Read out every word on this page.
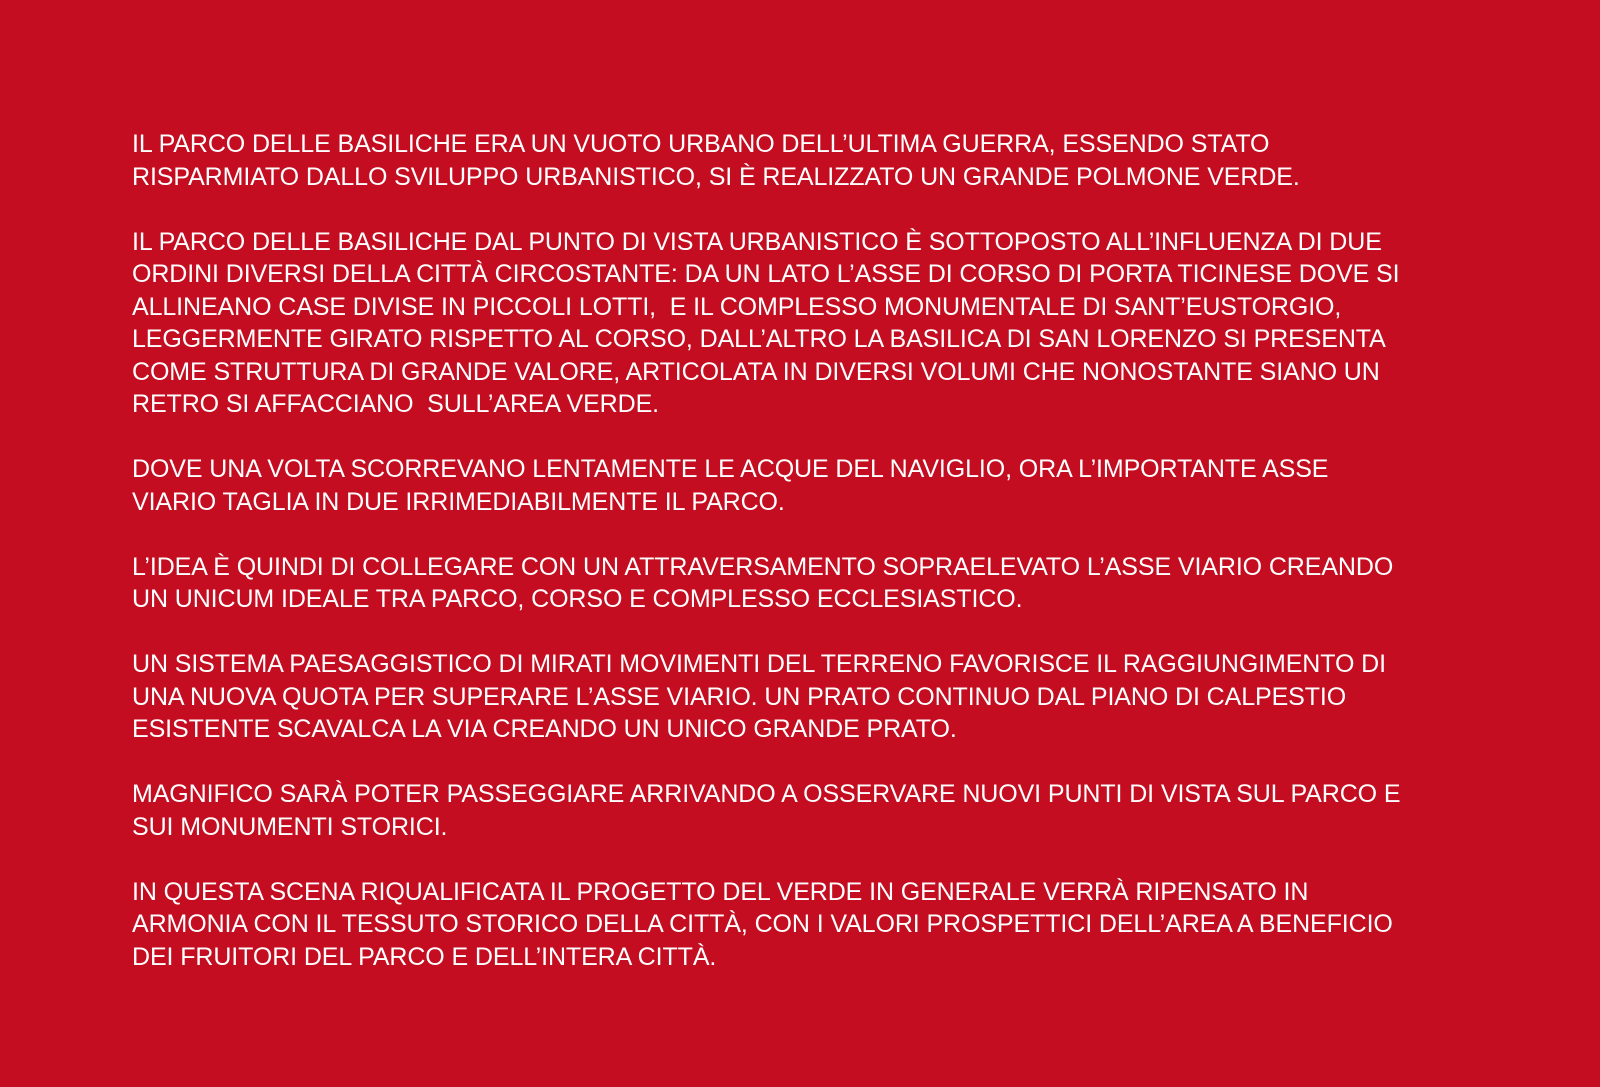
IL PARCO DELLE BASILICHE ERA UN VUOTO URBANO DELL’ULTIMA GUERRA, ESSENDO STATO
RISPARMIATO DALLO SVILUPPO URBANISTICO, SI È REALIZZATO UN GRANDE POLMONE VERDE.
IL PARCO DELLE BASILICHE DAL PUNTO DI VISTA URBANISTICO È SOTTOPOSTO ALL’INFLUENZA DI DUE
ORDINI DIVERSI DELLA CITTÀ CIRCOSTANTE: DA UN LATO L’ASSE DI CORSO DI PORTA TICINESE DOVE SI
ALLINEANO CASE DIVISE IN PICCOLI LOTTI,  E IL COMPLESSO MONUMENTALE DI SANT’EUSTORGIO,
LEGGERMENTE GIRATO RISPETTO AL CORSO, DALL’ALTRO LA BASILICA DI SAN LORENZO SI PRESENTA
COME STRUTTURA DI GRANDE VALORE, ARTICOLATA IN DIVERSI VOLUMI CHE NONOSTANTE SIANO UN
RETRO SI AFFACCIANO  SULL’AREA VERDE.
DOVE UNA VOLTA SCORREVANO LENTAMENTE LE ACQUE DEL NAVIGLIO, ORA L’IMPORTANTE ASSE
VIARIO TAGLIA IN DUE IRRIMEDIABILMENTE IL PARCO.
L’IDEA È QUINDI DI COLLEGARE CON UN ATTRAVERSAMENTO SOPRAELEVATO L’ASSE VIARIO CREANDO
UN UNICUM IDEALE TRA PARCO, CORSO E COMPLESSO ECCLESIASTICO.
UN SISTEMA PAESAGGISTICO DI MIRATI MOVIMENTI DEL TERRENO FAVORISCE IL RAGGIUNGIMENTO DI
UNA NUOVA QUOTA PER SUPERARE L’ASSE VIARIO. UN PRATO CONTINUO DAL PIANO DI CALPESTIO
ESISTENTE SCAVALCA LA VIA CREANDO UN UNICO GRANDE PRATO.
MAGNIFICO SARÀ POTER PASSEGGIARE ARRIVANDO A OSSERVARE NUOVI PUNTI DI VISTA SUL PARCO E
SUI MONUMENTI STORICI.
IN QUESTA SCENA RIQUALIFICATA IL PROGETTO DEL VERDE IN GENERALE VERRÀ RIPENSATO IN
ARMONIA CON IL TESSUTO STORICO DELLA CITTÀ, CON I VALORI PROSPETTICI DELL’AREA A BENEFICIO
DEI FRUITORI DEL PARCO E DELL’INTERA CITTÀ.
